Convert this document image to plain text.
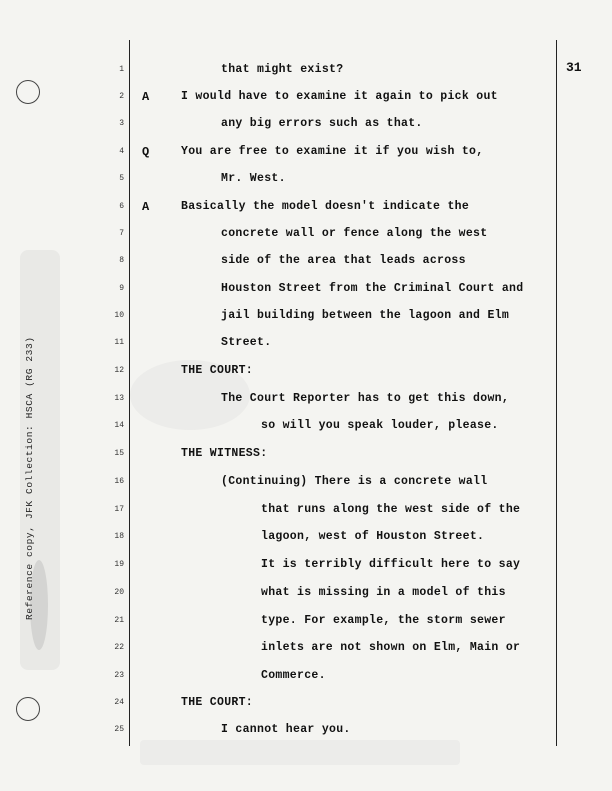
Reference copy, JFK Collection: HSCA (RG 233)
31
1	that might exist?
2 A	I would have to examine it again to pick out
3	any big errors such as that.
4 Q	You are free to examine it if you wish to,
5	Mr. West.
6 A	Basically the model doesn't indicate the
7	concrete wall or fence along the west
8	side of the area that leads across
9	Houston Street from the Criminal Court and
10	jail building between the lagoon and Elm
11	Street.
12	THE COURT:
13	The Court Reporter has to get this down,
14	so will you speak louder, please.
15	THE WITNESS:
16	(Continuing) There is a concrete wall
17	that runs along the west side of the
18	lagoon, west of Houston Street.
19	It is terribly difficult here to say
20	what is missing in a model of this
21	type. For example, the storm sewer
22	inlets are not shown on Elm, Main or
23	Commerce.
24	THE COURT:
25	I cannot hear you.
